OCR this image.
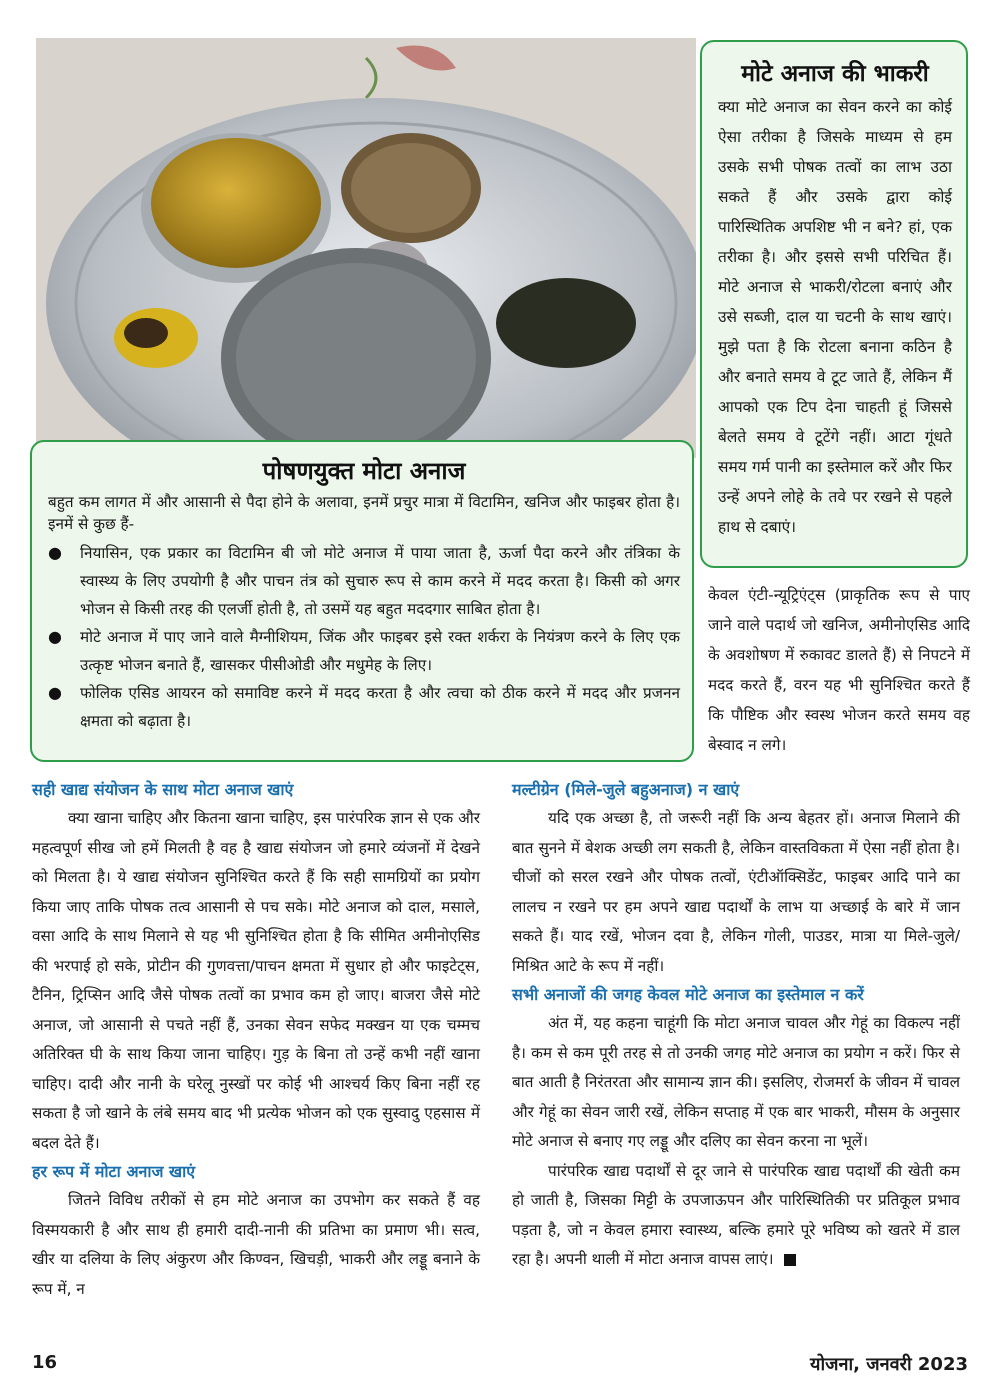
मोटे अनाज की भाकरी

क्या मोटे अनाज का सेवन करने का कोई ऐसा तरीका है जिसके माध्यम से हम उसके सभी पोषक तत्वों का लाभ उठा सकते हैं और उसके द्वारा कोई पारिस्थितिक अपशिष्ट भी न बने? हां, एक तरीका है। और इससे सभी परिचित हैं। मोटे अनाज से भाकरी/रोटला बनाएं और उसे सब्जी, दाल या चटनी के साथ खाएं। मुझे पता है कि रोटला बनाना कठिन है और बनाते समय वे टूट जाते हैं, लेकिन मैं आपको एक टिप देना चाहती हूं जिससे बेलते समय वे टूटेंगे नहीं। आटा गूंधते समय गर्म पानी का इस्तेमाल करें और फिर उन्हें अपने लोहे के तवे पर रखने से पहले हाथ से दबाएं।

पोषणयुक्त मोटा अनाज

बहुत कम लागत में और आसानी से पैदा होने के अलावा, इनमें प्रचुर मात्रा में विटामिन, खनिज और फाइबर होता है। इनमें से कुछ हैं-

● नियासिन, एक प्रकार का विटामिन बी जो मोटे अनाज में पाया जाता है, ऊर्जा पैदा करने और तंत्रिका के स्वास्थ्य के लिए उपयोगी है और पाचन तंत्र को सुचारु रूप से काम करने में मदद करता है। किसी को अगर भोजन से किसी तरह की एलर्जी होती है, तो उसमें यह बहुत मददगार साबित होता है।
● मोटे अनाज में पाए जाने वाले मैग्नीशियम, जिंक और फाइबर इसे रक्त शर्करा के नियंत्रण करने के लिए एक उत्कृष्ट भोजन बनाते हैं, खासकर पीसीओडी और मधुमेह के लिए।
● फोलिक एसिड आयरन को समाविष्ट करने में मदद करता है और त्वचा को ठीक करने में मदद और प्रजनन क्षमता को बढ़ाता है।

केवल एंटी-न्यूट्रिएंट्स (प्राकृतिक रूप से पाए जाने वाले पदार्थ जो खनिज, अमीनोएसिड आदि के अवशोषण में रुकावट डालते हैं) से निपटने में मदद करते हैं, वरन यह भी सुनिश्चित करते हैं कि पौष्टिक और स्वस्थ भोजन करते समय वह बेस्वाद न लगे।

सही खाद्य संयोजन के साथ मोटा अनाज खाएं

क्या खाना चाहिए और कितना खाना चाहिए, इस पारंपरिक ज्ञान से एक और महत्वपूर्ण सीख जो हमें मिलती है वह है खाद्य संयोजन जो हमारे व्यंजनों में देखने को मिलता है। ये खाद्य संयोजन सुनिश्चित करते हैं कि सही सामग्रियों का प्रयोग किया जाए ताकि पोषक तत्व आसानी से पच सके। मोटे अनाज को दाल, मसाले, वसा आदि के साथ मिलाने से यह भी सुनिश्चित होता है कि सीमित अमीनोएसिड की भरपाई हो सके, प्रोटीन की गुणवत्ता/पाचन क्षमता में सुधार हो और फाइटेट्स, टैनिन, ट्रिप्सिन आदि जैसे पोषक तत्वों का प्रभाव कम हो जाए। बाजरा जैसे मोटे अनाज, जो आसानी से पचते नहीं हैं, उनका सेवन सफेद मक्खन या एक चम्मच अतिरिक्त घी के साथ किया जाना चाहिए। गुड़ के बिना तो उन्हें कभी नहीं खाना चाहिए। दादी और नानी के घरेलू नुस्खों पर कोई भी आश्चर्य किए बिना नहीं रह सकता है जो खाने के लंबे समय बाद भी प्रत्येक भोजन को एक सुस्वादु एहसास में बदल देते हैं।

हर रूप में मोटा अनाज खाएं

जितने विविध तरीकों से हम मोटे अनाज का उपभोग कर सकते हैं वह विस्मयकारी है और साथ ही हमारी दादी-नानी की प्रतिभा का प्रमाण भी। सत्व, खीर या दलिया के लिए अंकुरण और किण्वन, खिचड़ी, भाकरी और लड्डू बनाने के रूप में, न

मल्टीग्रेन (मिले-जुले बहुअनाज) न खाएं

यदि एक अच्छा है, तो जरूरी नहीं कि अन्य बेहतर हों। अनाज मिलाने की बात सुनने में बेशक अच्छी लग सकती है, लेकिन वास्तविकता में ऐसा नहीं होता है। चीजों को सरल रखने और पोषक तत्वों, एंटीऑक्सिडेंट, फाइबर आदि पाने का लालच न रखने पर हम अपने खाद्य पदार्थों के लाभ या अच्छाई के बारे में जान सकते हैं। याद रखें, भोजन दवा है, लेकिन गोली, पाउडर, मात्रा या मिले-जुले/मिश्रित आटे के रूप में नहीं।

सभी अनाजों की जगह केवल मोटे अनाज का इस्तेमाल न करें

अंत में, यह कहना चाहूंगी कि मोटा अनाज चावल और गेहूं का विकल्प नहीं है। कम से कम पूरी तरह से तो उनकी जगह मोटे अनाज का प्रयोग न करें। फिर से बात आती है निरंतरता और सामान्य ज्ञान की। इसलिए, रोजमर्रा के जीवन में चावल और गेहूं का सेवन जारी रखें, लेकिन सप्ताह में एक बार भाकरी, मौसम के अनुसार मोटे अनाज से बनाए गए लड्डू और दलिए का सेवन करना ना भूलें।

पारंपरिक खाद्य पदार्थों से दूर जाने से पारंपरिक खाद्य पदार्थों की खेती कम हो जाती है, जिसका मिट्टी के उपजाऊपन और पारिस्थितिकी पर प्रतिकूल प्रभाव पड़ता है, जो न केवल हमारा स्वास्थ्य, बल्कि हमारे पूरे भविष्य को खतरे में डाल रहा है। अपनी थाली में मोटा अनाज वापस लाएं।

16	योजना, जनवरी 2023
